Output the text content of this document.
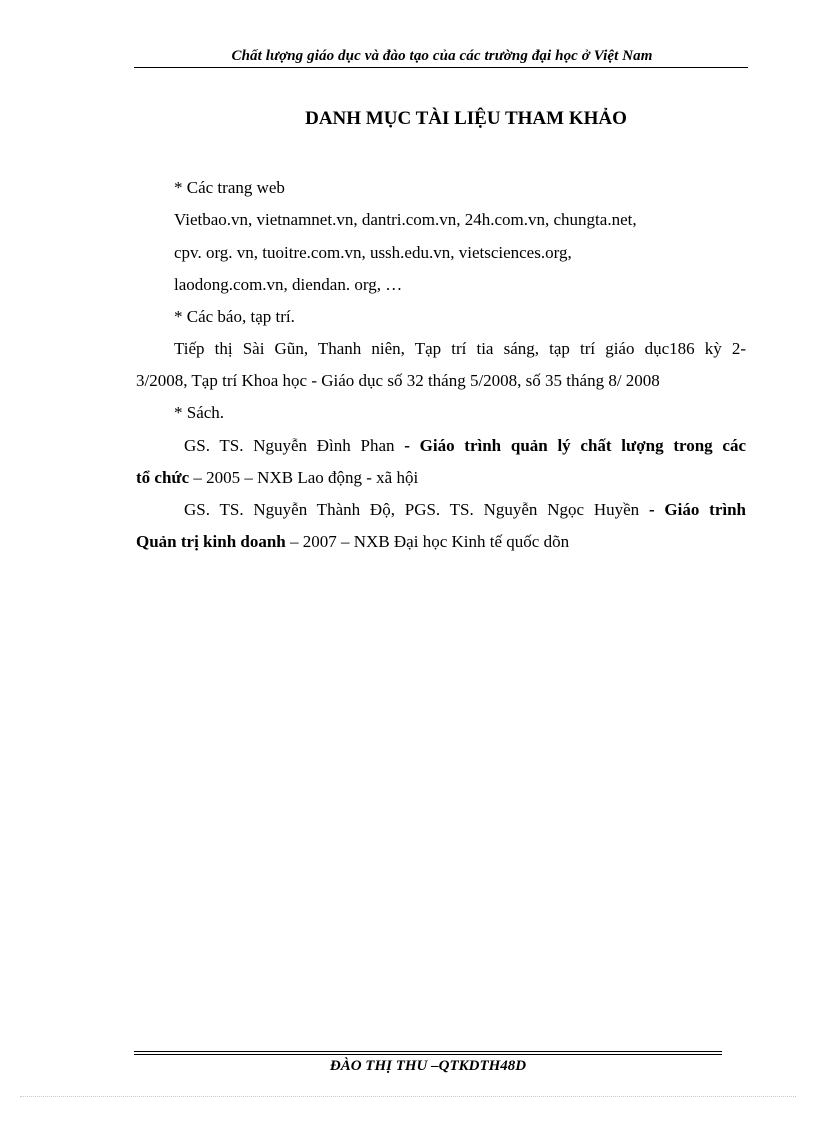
Chất lượng giáo dục và đào tạo của các trường đại học ở Việt Nam
DANH MỤC TÀI LIỆU THAM KHẢO
* Các trang web
Vietbao.vn, vietnamnet.vn, dantri.com.vn, 24h.com.vn, chungta.net,
cpv. org. vn, tuoitre.com.vn, ussh.edu.vn, vietsciences.org,
laodong.com.vn, diendan. org, …
* Các báo, tạp trí.
Tiếp thị Sài Gũn, Thanh niên, Tạp trí tia sáng, tạp trí giáo dục186 kỳ 2-
3/2008, Tạp trí Khoa học - Giáo dục số 32 tháng 5/2008, số 35 tháng 8/ 2008
* Sách.
GS. TS. Nguyễn Đình Phan - Giáo trình quản lý chất lượng trong các
tổ chức – 2005 – NXB Lao động - xã hội
GS. TS. Nguyễn Thành Độ, PGS. TS. Nguyễn Ngọc Huyền - Giáo trình
Quản trị kinh doanh – 2007 – NXB Đại học Kinh tế quốc dõn
ĐÀO THỊ THU –QTKDTH48D
